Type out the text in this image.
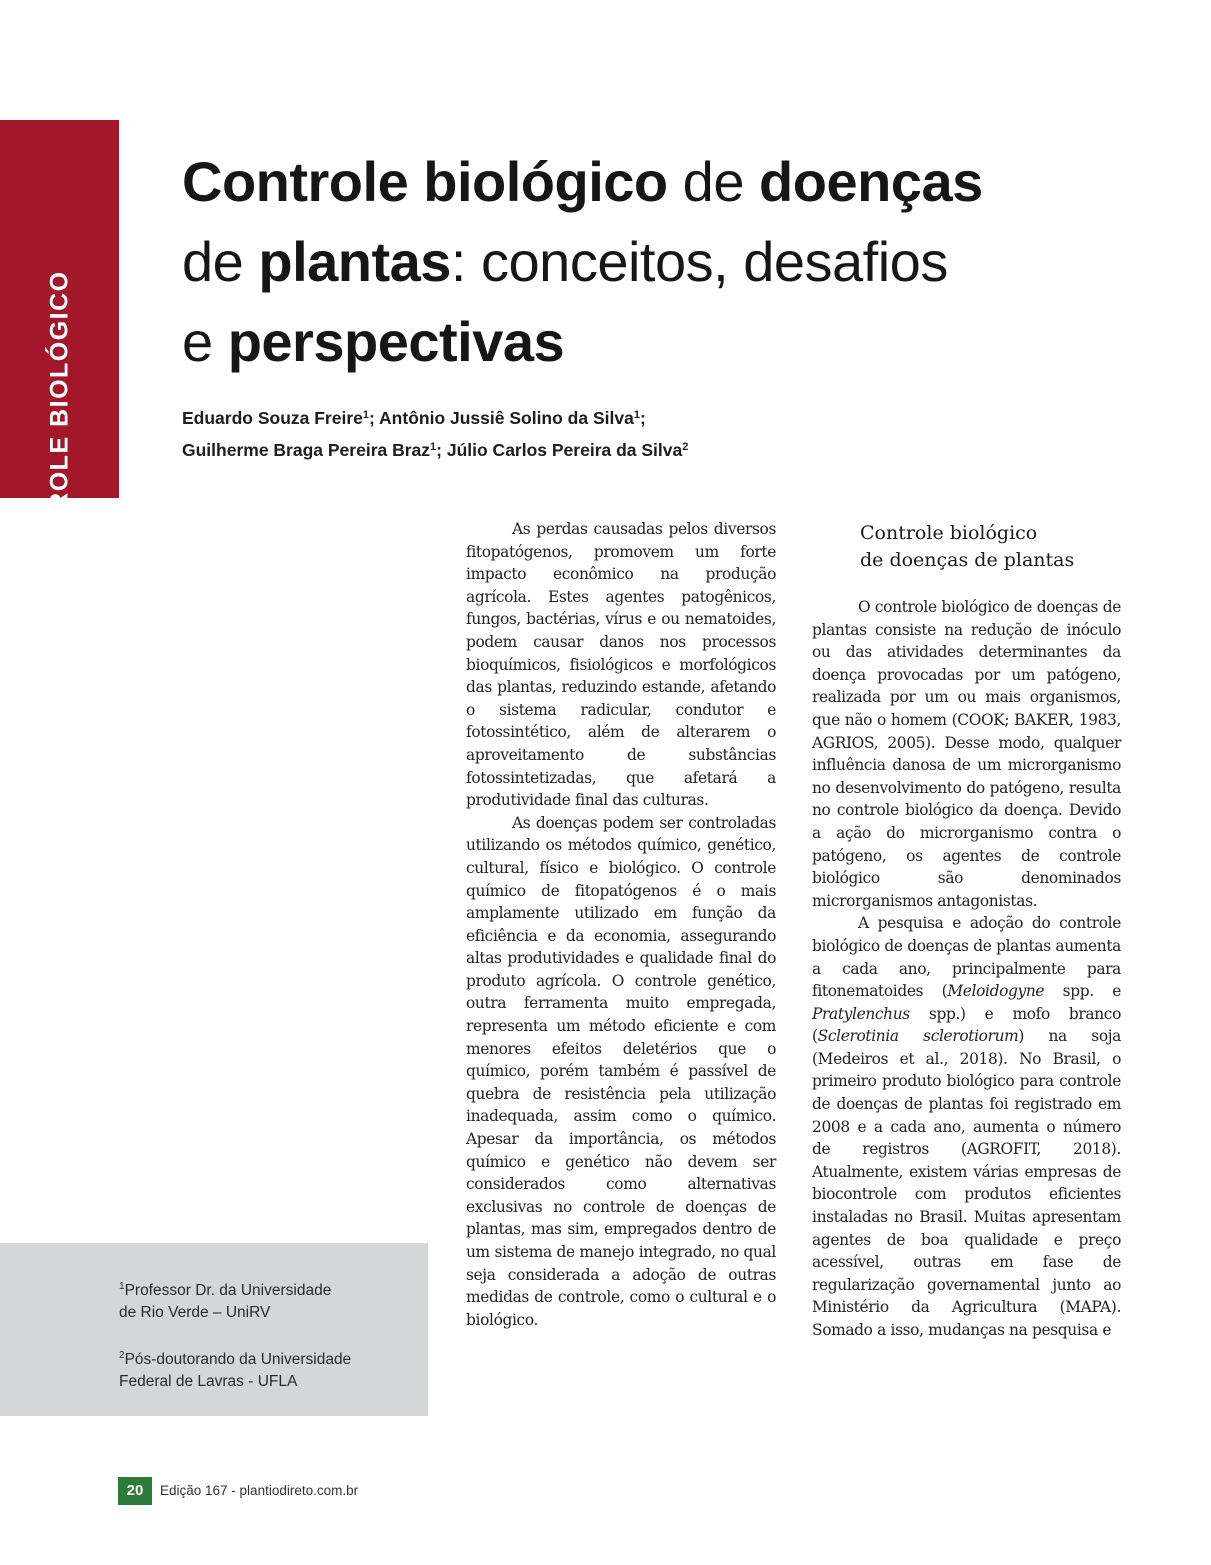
CONTROLE BIOLÓGICO
Controle biológico de doenças
de plantas: conceitos, desafios
e perspectivas
Eduardo Souza Freire$^1$; Antônio Jussiê Solino da Silva$^1$;
Guilherme Braga Pereira Braz$^1$; Júlio Carlos Pereira da Silva$^2$

As perdas causadas pelos diversos fitopatógenos, promovem um forte impacto econômico na produção agrícola. Estes agentes patogênicos, fungos, bactérias, vírus e ou nematoides, podem causar danos nos processos bioquímicos, fisiológicos e morfológicos das plantas, reduzindo estande, afetando o sistema radicular, condutor e fotossintético, além de alterarem o aproveitamento de substâncias fotossintetizadas, que afetará a produtividade final das culturas.

As doenças podem ser controladas utilizando os métodos químico, genético, cultural, físico e biológico. O controle químico de fitopatógenos é o mais amplamente utilizado em função da eficiência e da economia, assegurando altas produtividades e qualidade final do produto agrícola. O controle genético, outra ferramenta muito empregada, representa um método eficiente e com menores efeitos deletérios que o químico, porém também é passível de quebra de resistência pela utilização inadequada, assim como o químico. Apesar da importância, os métodos químico e genético não devem ser considerados como alternativas exclusivas no controle de doenças de plantas, mas sim, empregados dentro de um sistema de manejo integrado, no qual seja considerada a adoção de outras medidas de controle, como o cultural e o biológico.

Controle biológico
de doenças de plantas

O controle biológico de doenças de plantas consiste na redução de inóculo ou das atividades determinantes da doença provocadas por um patógeno, realizada por um ou mais organismos, que não o homem (COOK; BAKER, 1983, AGRIOS, 2005). Desse modo, qualquer influência danosa de um microrganismo no desenvolvimento do patógeno, resulta no controle biológico da doença. Devido a ação do microrganismo contra o patógeno, os agentes de controle biológico são denominados microrganismos antagonistas.

A pesquisa e adoção do controle biológico de doenças de plantas aumenta a cada ano, principalmente para fitonematoides (Meloidogyne spp. e Pratylenchus spp.) e mofo branco (Sclerotinia sclerotiorum) na soja (Medeiros et al., 2018). No Brasil, o primeiro produto biológico para controle de doenças de plantas foi registrado em 2008 e a cada ano, aumenta o número de registros (AGROFIT, 2018). Atualmente, existem várias empresas de biocontrole com produtos eficientes instaladas no Brasil. Muitas apresentam agentes de boa qualidade e preço acessível, outras em fase de regularização governamental junto ao Ministério da Agricultura (MAPA). Somado a isso, mudanças na pesquisa e

$^1$Professor Dr. da Universidade
de Rio Verde – UniRV

$^2$Pós-doutorando da Universidade
Federal de Lavras - UFLA

20	Edição 167 - plantiodireto.com.br
